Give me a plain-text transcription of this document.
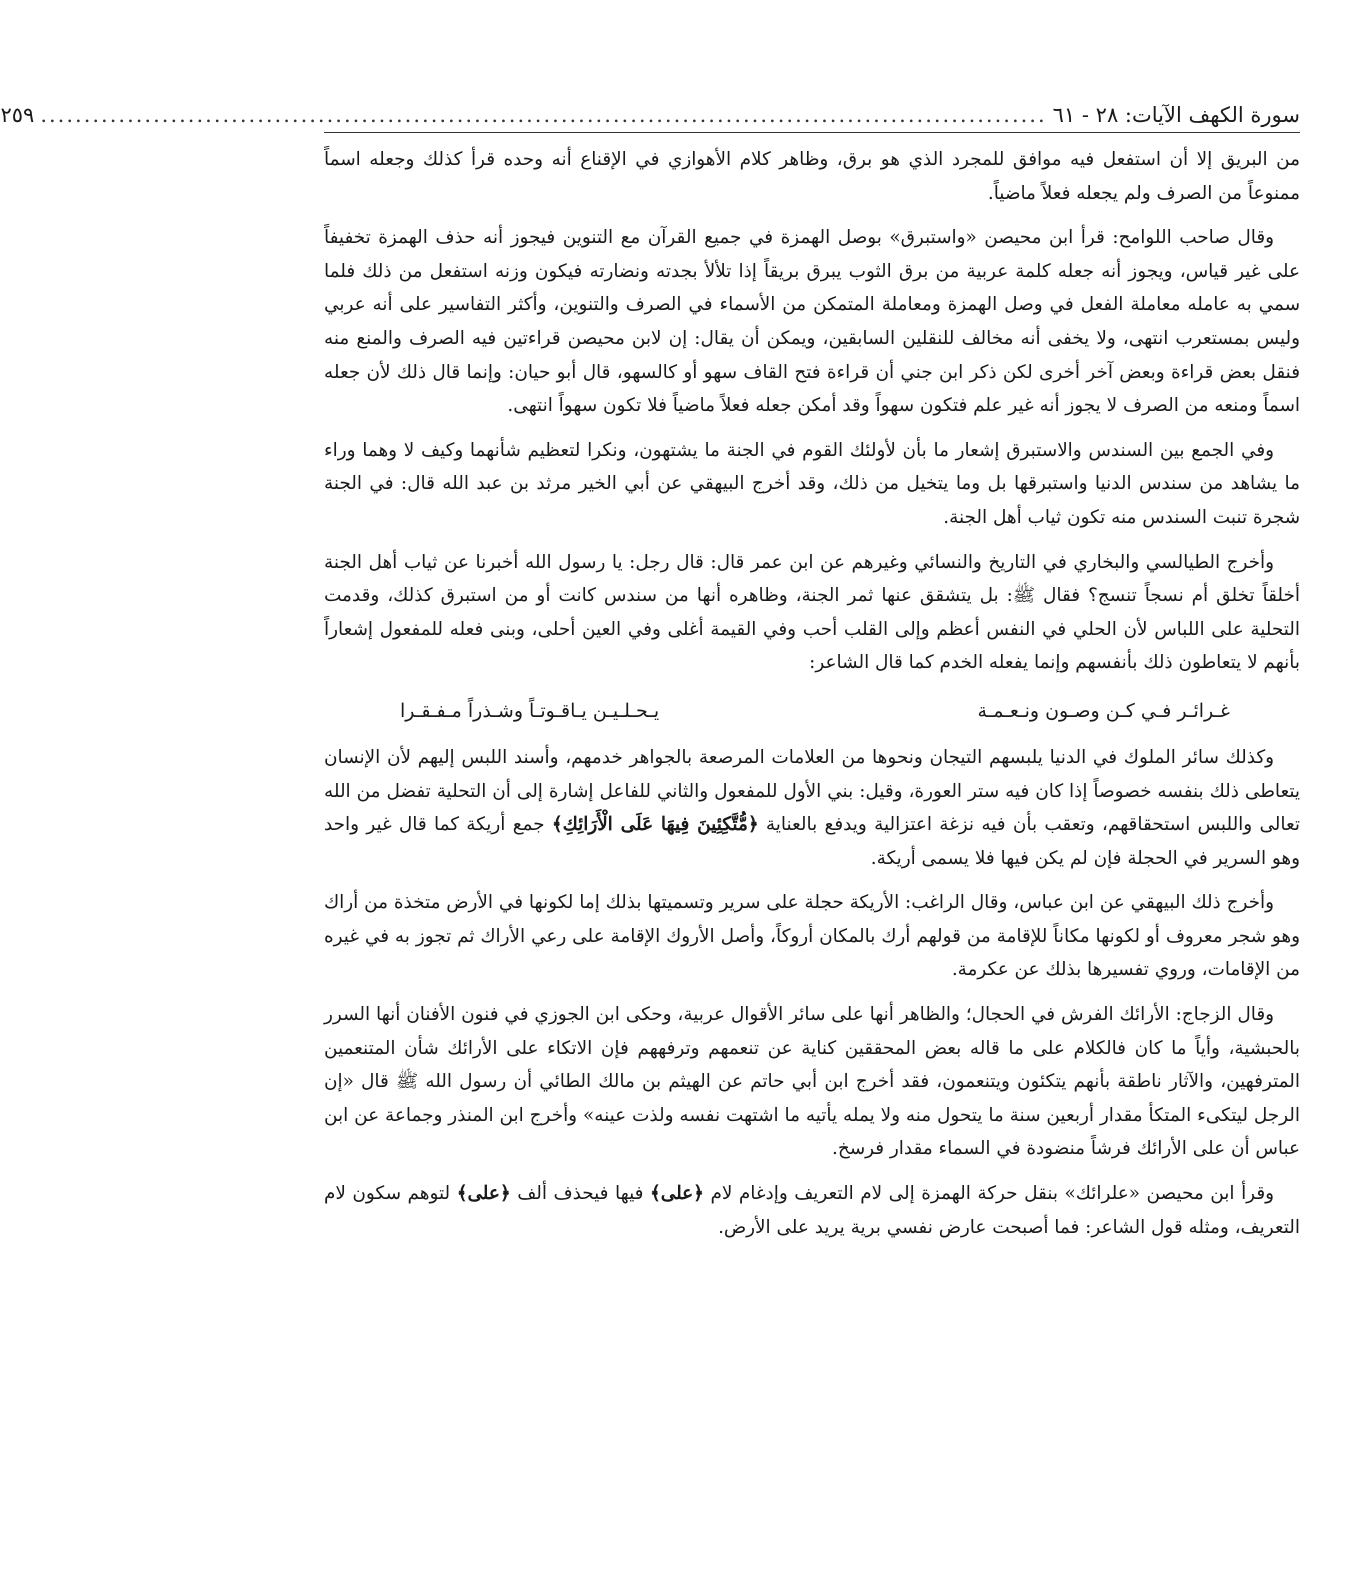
سورة الكهف الآيات: ٢٨ - ٦١
....................................................................................................................
٢٥٩

من البريق إلا أن استفعل فيه موافق للمجرد الذي هو برق، وظاهر كلام الأهوازي في الإقناع أنه وحده قرأ كذلك وجعله اسماً ممنوعاً من الصرف ولم يجعله فعلاً ماضياً.

وقال صاحب اللوامح: قرأ ابن محيصن «واستبرق» بوصل الهمزة في جميع القرآن مع التنوين فيجوز أنه حذف الهمزة تخفيفاً على غير قياس، ويجوز أنه جعله كلمة عربية من برق الثوب يبرق بريقاً إذا تلألأ بجدته ونضارته فيكون وزنه استفعل من ذلك فلما سمي به عامله معاملة الفعل في وصل الهمزة ومعاملة المتمكن من الأسماء في الصرف والتنوين، وأكثر التفاسير على أنه عربي وليس بمستعرب انتهى، ولا يخفى أنه مخالف للنقلين السابقين، ويمكن أن يقال: إن لابن محيصن قراءتين فيه الصرف والمنع منه فنقل بعض قراءة وبعض آخر أخرى لكن ذكر ابن جني أن قراءة فتح القاف سهو أو كالسهو، قال أبو حيان: وإنما قال ذلك لأن جعله اسماً ومنعه من الصرف لا يجوز أنه غير علم فتكون سهواً وقد أمكن جعله فعلاً ماضياً فلا تكون سهواً انتهى.

وفي الجمع بين السندس والاستبرق إشعار ما بأن لأولئك القوم في الجنة ما يشتهون، ونكرا لتعظيم شأنهما وكيف لا وهما وراء ما يشاهد من سندس الدنيا واستبرقها بل وما يتخيل من ذلك، وقد أخرج البيهقي عن أبي الخير مرثد بن عبد الله قال: في الجنة شجرة تنبت السندس منه تكون ثياب أهل الجنة.

وأخرج الطيالسي والبخاري في التاريخ والنسائي وغيرهم عن ابن عمر قال: قال رجل: يا رسول الله أخبرنا عن ثياب أهل الجنة أخلقاً تخلق أم نسجاً تنسج؟ فقال ﷺ: بل يتشقق عنها ثمر الجنة، وظاهره أنها من سندس كانت أو من استبرق كذلك، وقدمت التحلية على اللباس لأن الحلي في النفس أعظم وإلى القلب أحب وفي القيمة أغلى وفي العين أحلى، وبنى فعله للمفعول إشعاراً بأنهم لا يتعاطون ذلك بأنفسهم وإنما يفعله الخدم كما قال الشاعر:

غـرائـر فـي كـن وصـون ونـعـمـة
يـحـلـيـن يـاقـوتـاً وشـذراً مـفـقـرا

وكذلك سائر الملوك في الدنيا يلبسهم التيجان ونحوها من العلامات المرصعة بالجواهر خدمهم، وأسند اللبس إليهم لأن الإنسان يتعاطى ذلك بنفسه خصوصاً إذا كان فيه ستر العورة، وقيل: بني الأول للمفعول والثاني للفاعل إشارة إلى أن التحلية تفضل من الله تعالى واللبس استحقاقهم، وتعقب بأن فيه نزغة اعتزالية ويدفع بالعناية ﴿مُّتَّكِئِينَ فِيهَا عَلَى الْأَرَائِكِ﴾ جمع أريكة كما قال غير واحد وهو السرير في الحجلة فإن لم يكن فيها فلا يسمى أريكة.

وأخرج ذلك البيهقي عن ابن عباس، وقال الراغب: الأريكة حجلة على سرير وتسميتها بذلك إما لكونها في الأرض متخذة من أراك وهو شجر معروف أو لكونها مكاناً للإقامة من قولهم أرك بالمكان أروكاً، وأصل الأروك الإقامة على رعي الأراك ثم تجوز به في غيره من الإقامات، وروي تفسيرها بذلك عن عكرمة.

وقال الزجاج: الأرائك الفرش في الحجال؛ والظاهر أنها على سائر الأقوال عربية، وحكى ابن الجوزي في فنون الأفنان أنها السرر بالحبشية، وأياً ما كان فالكلام على ما قاله بعض المحققين كناية عن تنعمهم وترفههم فإن الاتكاء على الأرائك شأن المتنعمين المترفهين، والآثار ناطقة بأنهم يتكئون ويتنعمون، فقد أخرج ابن أبي حاتم عن الهيثم بن مالك الطائي أن رسول الله ﷺ قال «إن الرجل ليتكىء المتكأ مقدار أربعين سنة ما يتحول منه ولا يمله يأتيه ما اشتهت نفسه ولذت عينه» وأخرج ابن المنذر وجماعة عن ابن عباس أن على الأرائك فرشاً منضودة في السماء مقدار فرسخ.

وقرأ ابن محيصن «علرائك» بنقل حركة الهمزة إلى لام التعريف وإدغام لام ﴿على﴾ فيها فيحذف ألف ﴿على﴾ لتوهم سكون لام التعريف، ومثله قول الشاعر: فما أصبحت عارض نفسي برية يريد على الأرض.
